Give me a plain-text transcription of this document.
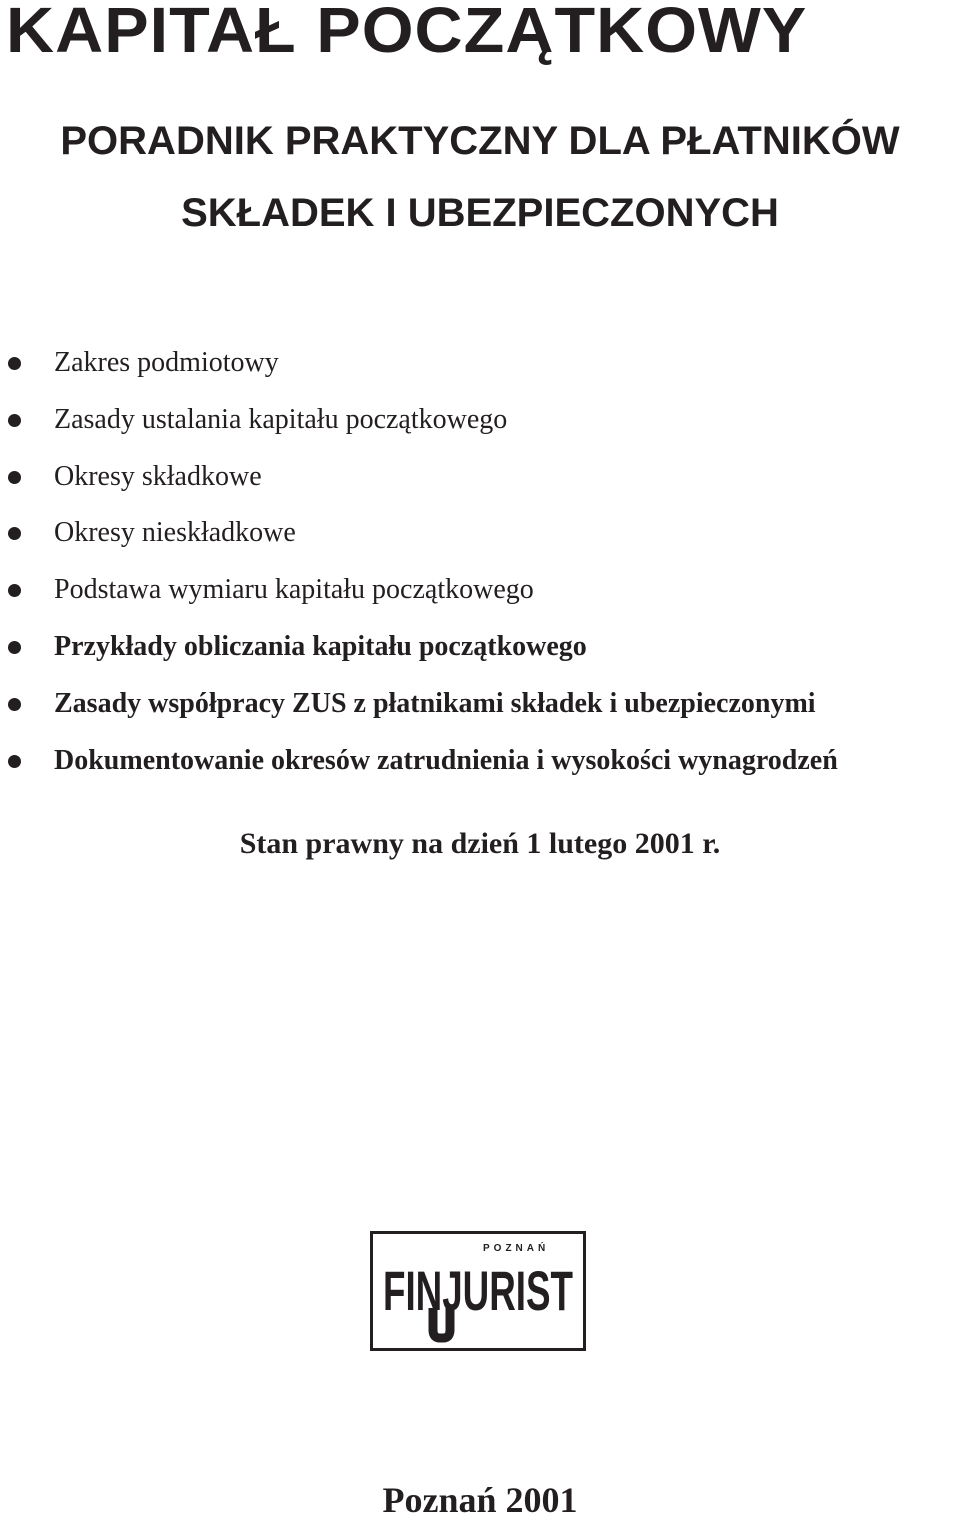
KAPITAŁ POCZĄTKOWY
PORADNIK PRAKTYCZNY DLA PŁATNIKÓW
SKŁADEK I UBEZPIECZONYCH
Zakres podmiotowy
Zasady ustalania kapitału początkowego
Okresy składkowe
Okresy nieskładkowe
Podstawa wymiaru kapitału początkowego
Przykłady obliczania kapitału początkowego
Zasady współpracy ZUS z płatnikami składek i ubezpieczonymi
Dokumentowanie okresów zatrudnienia i wysokości wynagrodzeń
Stan prawny na dzień 1 lutego 2001 r.
POZNAŃ
FINJURIST
Poznań 2001
